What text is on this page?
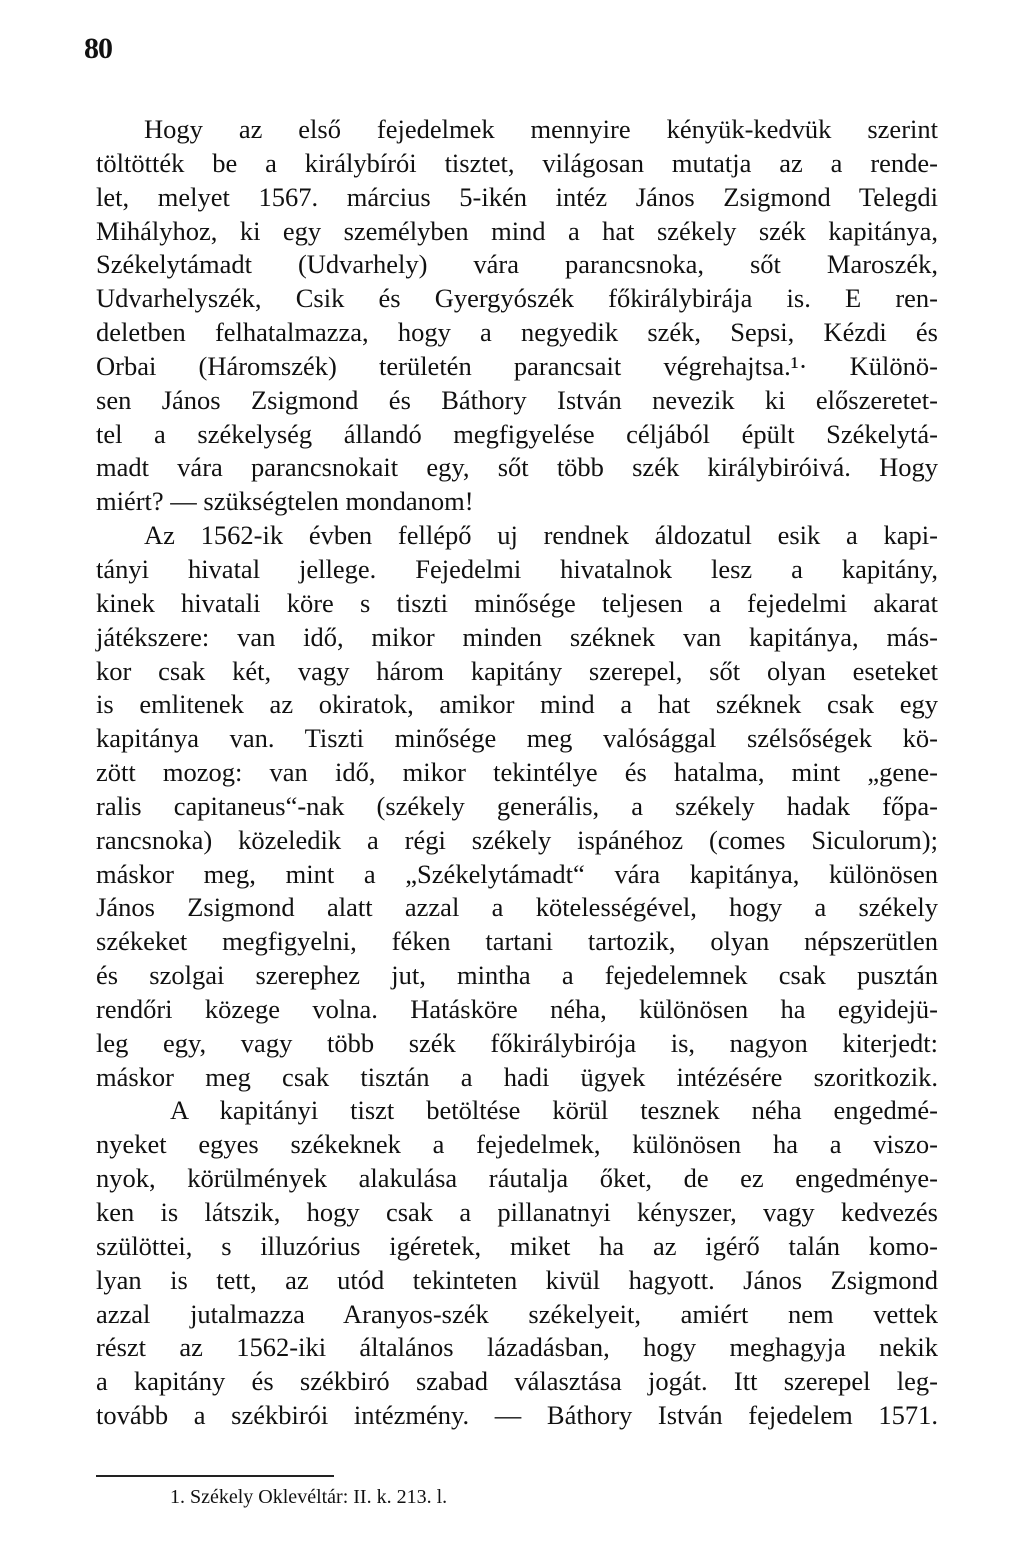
80
Hogy az első fejedelmek mennyire kényük-kedvük szerint
töltötték be a királybírói tisztet, világosan mutatja az a rende-
let, melyet 1567. március 5-ikén intéz János Zsigmond Telegdi
Mihályhoz, ki egy személyben mind a hat székely szék kapitánya,
Székelytámadt (Udvarhely) vára parancsnoka, sőt Maroszék,
Udvarhelyszék, Csik és Gyergyószék főkirálybirája is. E ren-
deletben felhatalmazza, hogy a negyedik szék, Sepsi, Kézdi és
Orbai (Háromszék) területén parancsait végrehajtsa.¹· Különö-
sen János Zsigmond és Báthory István nevezik ki előszeretet-
tel a székelység állandó megfigyelése céljából épült Székelytá-
madt vára parancsnokait egy, sőt több szék királybiróivá. Hogy
miért? — szükségtelen mondanom!
Az 1562-ik évben fellépő uj rendnek áldozatul esik a kapi-
tányi hivatal jellege. Fejedelmi hivatalnok lesz a kapitány,
kinek hivatali köre s tiszti minősége teljesen a fejedelmi akarat
játékszere: van idő, mikor minden széknek van kapitánya, más-
kor csak két, vagy három kapitány szerepel, sőt olyan eseteket
is emlitenek az okiratok, amikor mind a hat széknek csak egy
kapitánya van. Tiszti minősége meg valósággal szélsőségek kö-
zött mozog: van idő, mikor tekintélye és hatalma, mint „gene-
ralis capitaneus“-nak (székely generális, a székely hadak főpa-
rancsnoka) közeledik a régi székely ispánéhoz (comes Siculorum);
máskor meg, mint a „Székelytámadt“ vára kapitánya, különösen
János Zsigmond alatt azzal a kötelességével, hogy a székely
székeket megfigyelni, féken tartani tartozik, olyan népszerütlen
és szolgai szerephez jut, mintha a fejedelemnek csak pusztán
rendőri közege volna. Hatásköre néha, különösen ha egyidejü-
leg egy, vagy több szék főkirálybirója is, nagyon kiterjedt:
máskor meg csak tisztán a hadi ügyek intézésére szoritkozik.
A kapitányi tiszt betöltése körül tesznek néha engedmé-
nyeket egyes székeknek a fejedelmek, különösen ha a viszo-
nyok, körülmények alakulása ráutalja őket, de ez engedménye-
ken is látszik, hogy csak a pillanatnyi kényszer, vagy kedvezés
szülöttei, s illuzórius igéretek, miket ha az igérő talán komo-
lyan is tett, az utód tekinteten kivül hagyott. János Zsigmond
azzal jutalmazza Aranyos-szék székelyeit, amiért nem vettek
részt az 1562-iki általános lázadásban, hogy meghagyja nekik
a kapitány és székbiró szabad választása jogát. Itt szerepel leg-
tovább a székbirói intézmény. — Báthory István fejedelem 1571.
1. Székely Oklevéltár: II. k. 213. l.
